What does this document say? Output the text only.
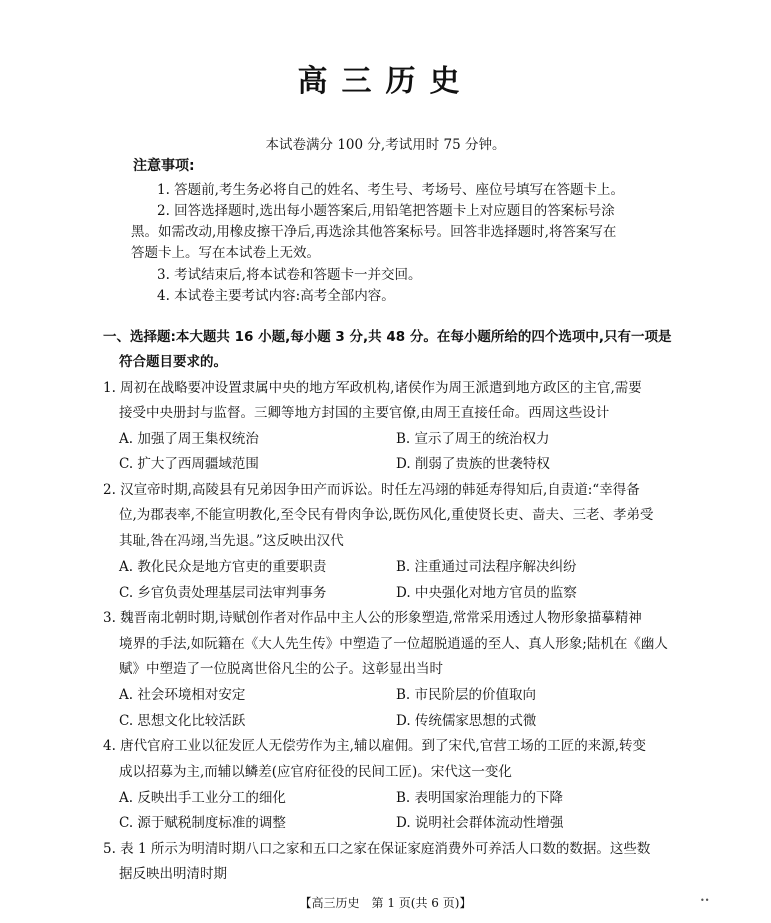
高三历史
本试卷满分 100 分,考试用时 75 分钟。
注意事项:
1. 答题前,考生务必将自己的姓名、考生号、考场号、座位号填写在答题卡上。
2. 回答选择题时,选出每小题答案后,用铅笔把答题卡上对应题目的答案标号涂
黑。如需改动,用橡皮擦干净后,再选涂其他答案标号。回答非选择题时,将答案写在
答题卡上。写在本试卷上无效。
3. 考试结束后,将本试卷和答题卡一并交回。
4. 本试卷主要考试内容:高考全部内容。
一、选择题:本大题共 16 小题,每小题 3 分,共 48 分。在每小题所给的四个选项中,只有一项是
符合题目要求的。
1. 周初在战略要冲设置隶属中央的地方军政机构,诸侯作为周王派遣到地方政区的主官,需要
接受中央册封与监督。三卿等地方封国的主要官僚,由周王直接任命。西周这些设计
A. 加强了周王集权统治	B. 宣示了周王的统治权力
C. 扩大了西周疆域范围	D. 削弱了贵族的世袭特权
2. 汉宣帝时期,高陵县有兄弟因争田产而诉讼。时任左冯翊的韩延寿得知后,自责道:“幸得备
位,为郡表率,不能宣明教化,至令民有骨肉争讼,既伤风化,重使贤长吏、啬夫、三老、孝弟受
其耻,咎在冯翊,当先退。”这反映出汉代
A. 教化民众是地方官吏的重要职责	B. 注重通过司法程序解决纠纷
C. 乡官负责处理基层司法审判事务	D. 中央强化对地方官员的监察
3. 魏晋南北朝时期,诗赋创作者对作品中主人公的形象塑造,常常采用透过人物形象描摹精神
境界的手法,如阮籍在《大人先生传》中塑造了一位超脱逍遥的至人、真人形象;陆机在《幽人
赋》中塑造了一位脱离世俗凡尘的公子。这彰显出当时
A. 社会环境相对安定	B. 市民阶层的价值取向
C. 思想文化比较活跃	D. 传统儒家思想的式微
4. 唐代官府工业以征发匠人无偿劳作为主,辅以雇佣。到了宋代,官营工场的工匠的来源,转变
成以招募为主,而辅以鳞差(应官府征役的民间工匠)。宋代这一变化
A. 反映出手工业分工的细化	B. 表明国家治理能力的下降
C. 源于赋税制度标准的调整	D. 说明社会群体流动性增强
5. 表 1 所示为明清时期八口之家和五口之家在保证家庭消费外可养活人口数的数据。这些数
据反映出明清时期
【高三历史　第 1 页(共 6 页)】	••
